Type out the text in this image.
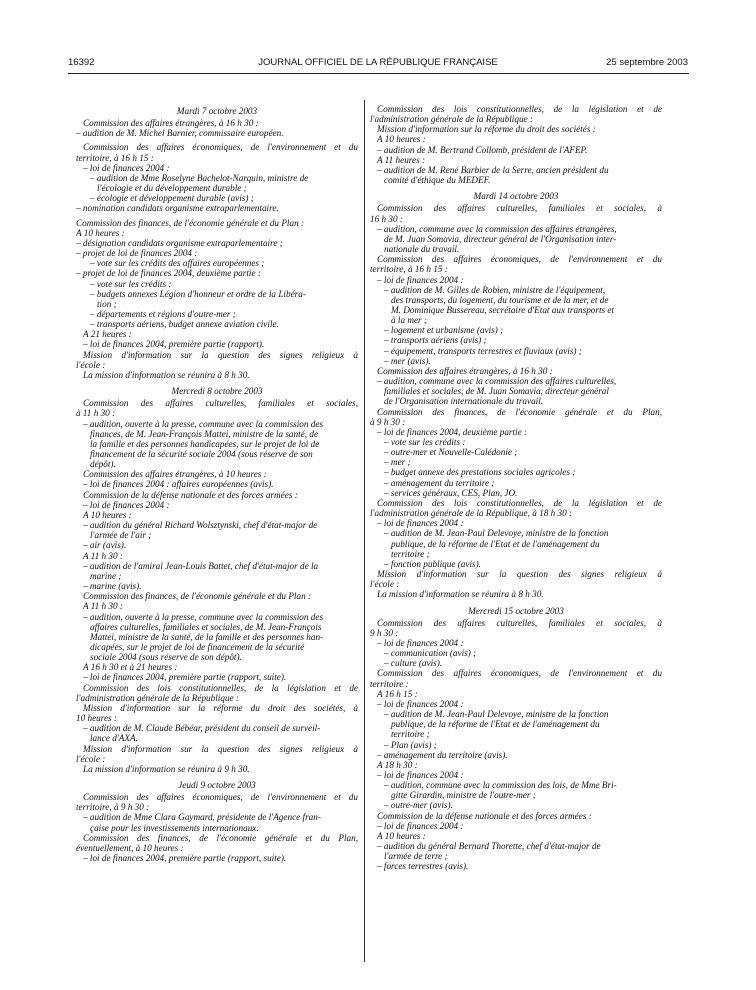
16392	JOURNAL OFFICIEL DE LA RÉPUBLIQUE FRANÇAISE	25 septembre 2003
Mardi 7 octobre 2003
Commission des affaires étrangères, à 16 h 30 :
– audition de M. Michel Barnier, commissaire européen.
Commission des affaires économiques, de l'environnement et du
territoire, à 16 h 15 :
– loi de finances 2004 :
– audition de Mme Roselyne Bachelot-Narquin, ministre de
l'écologie et du développement durable ;
– écologie et développement durable (avis) ;
– nomination candidats organisme extraparlementaire.
Commission des finances, de l'économie générale et du Plan :
A 10 heures :
– désignation candidats organisme extraparlementaire ;
– projet de loi de finances 2004 :
– vote sur les crédits des affaires européennes ;
– projet de loi de finances 2004, deuxième partie :
– vote sur les crédits :
– budgets annexes Légion d'honneur et ordre de la Libéra-
tion ;
– départements et régions d'outre-mer ;
– transports aériens, budget annexe aviation civile.
A 21 heures :
– loi de finances 2004, première partie (rapport).
Mission d'information sur la question des signes religieux à
l'école :
La mission d'information se réunira à 8 h 30.
Mercredi 8 octobre 2003
Commission des affaires culturelles, familiales et sociales,
à 11 h 30 :
– audition, ouverte à la presse, commune avec la commission des
finances, de M. Jean-François Mattei, ministre de la santé, de
la famille et des personnes handicapées, sur le projet de loi de
financement de la sécurité sociale 2004 (sous réserve de son
dépôt).
Commission des affaires étrangères, à 10 heures :
– loi de finances 2004 : affaires européennes (avis).
Commission de la défense nationale et des forces armées :
– loi de finances 2004 :
A 10 heures :
– audition du général Richard Wolsztynski, chef d'état-major de
l'armée de l'air ;
– air (avis).
A 11 h 30 :
– audition de l'amiral Jean-Louis Battet, chef d'état-major de la
marine ;
– marine (avis).
Commission des finances, de l'économie générale et du Plan :
A 11 h 30 :
– audition, ouverte à la presse, commune avec la commission des
affaires culturelles, familiales et sociales, de M. Jean-François
Mattei, ministre de la santé, de la famille et des personnes han-
dicapées, sur le projet de loi de financement de la sécurité
sociale 2004 (sous réserve de son dépôt).
A 16 h 30 et à 21 heures :
– loi de finances 2004, première partie (rapport, suite).
Commission des lois constitutionnelles, de la législation et de
l'administration générale de la République :
Mission d'information sur la réforme du droit des sociétés, à
10 heures :
– audition de M. Claude Bébéar, président du conseil de surveil-
lance d'AXA.
Mission d'information sur la question des signes religieux à
l'école :
La mission d'information se réunira à 9 h 30.
Jeudi 9 octobre 2003
Commission des affaires économiques, de l'environnement et du
territoire, à 9 h 30 :
– audition de Mme Clara Gaymard, présidente de l'Agence fran-
çaise pour les investissements internationaux.
Commission des finances, de l'économie générale et du Plan,
éventuellement, à 10 heures :
– loi de finances 2004, première partie (rapport, suite).
Commission des lois constitutionnelles, de la législation et de
l'administration générale de la République :
Mission d'information sur la réforme du droit des sociétés :
A 10 heures :
– audition de M. Bertrand Collomb, président de l'AFEP.
A 11 heures :
– audition de M. René Barbier de la Serre, ancien président du
comité d'éthique du MEDEF.
Mardi 14 octobre 2003
Commission des affaires culturelles, familiales et sociales, à
16 h 30 :
– audition, commune avec la commission des affaires étrangères,
de M. Juan Somavia, directeur général de l'Organisation inter-
nationale du travail.
Commission des affaires économiques, de l'environnement et du
territoire, à 16 h 15 :
– loi de finances 2004 :
– audition de M. Gilles de Robien, ministre de l'équipement,
des transports, du logement, du tourisme et de la mer, et de
M. Dominique Bussereau, secrétaire d'Etat aux transports et
à la mer ;
– logement et urbanisme (avis) ;
– transports aériens (avis) ;
– équipement, transports terrestres et fluviaux (avis) ;
– mer (avis).
Commission des affaires étrangères, à 16 h 30 :
– audition, commune avec la commission des affaires culturelles,
familiales et sociales, de M. Juan Somavia, directeur général
de l'Organisation internationale du travail.
Commission des finances, de l'économie générale et du Plan,
à 9 h 30 :
– loi de finances 2004, deuxième partie :
– vote sur les crédits :
– outre-mer et Nouvelle-Calédonie ;
– mer ;
– budget annexe des prestations sociales agricoles ;
– aménagement du territoire ;
– services généraux, CES, Plan, JO.
Commission des lois constitutionnelles, de la législation et de
l'administration générale de la République, à 18 h 30 :
– loi de finances 2004 :
– audition de M. Jean-Paul Delevoye, ministre de la fonction
publique, de la réforme de l'Etat et de l'aménagement du
territoire ;
– fonction publique (avis).
Mission d'information sur la question des signes religieux à
l'école :
La mission d'information se réunira à 8 h 30.
Mercredi 15 octobre 2003
Commission des affaires culturelles, familiales et sociales, à
9 h 30 :
– loi de finances 2004 :
– communication (avis) ;
– culture (avis).
Commission des affaires économiques, de l'environnement et du
territoire :
A 16 h 15 :
– loi de finances 2004 :
– audition de M. Jean-Paul Delevoye, ministre de la fonction
publique, de la réforme de l'Etat et de l'aménagement du
territoire ;
– Plan (avis) ;
– aménagement du territoire (avis).
A 18 h 30 :
– loi de finances 2004 :
– audition, commune avec la commission des lois, de Mme Bri-
gitte Girardin, ministre de l'outre-mer ;
– outre-mer (avis).
Commission de la défense nationale et des forces armées :
– loi de finances 2004 :
A 10 heures :
– audition du général Bernard Thorette, chef d'état-major de
l'armée de terre ;
– forces terrestres (avis).
